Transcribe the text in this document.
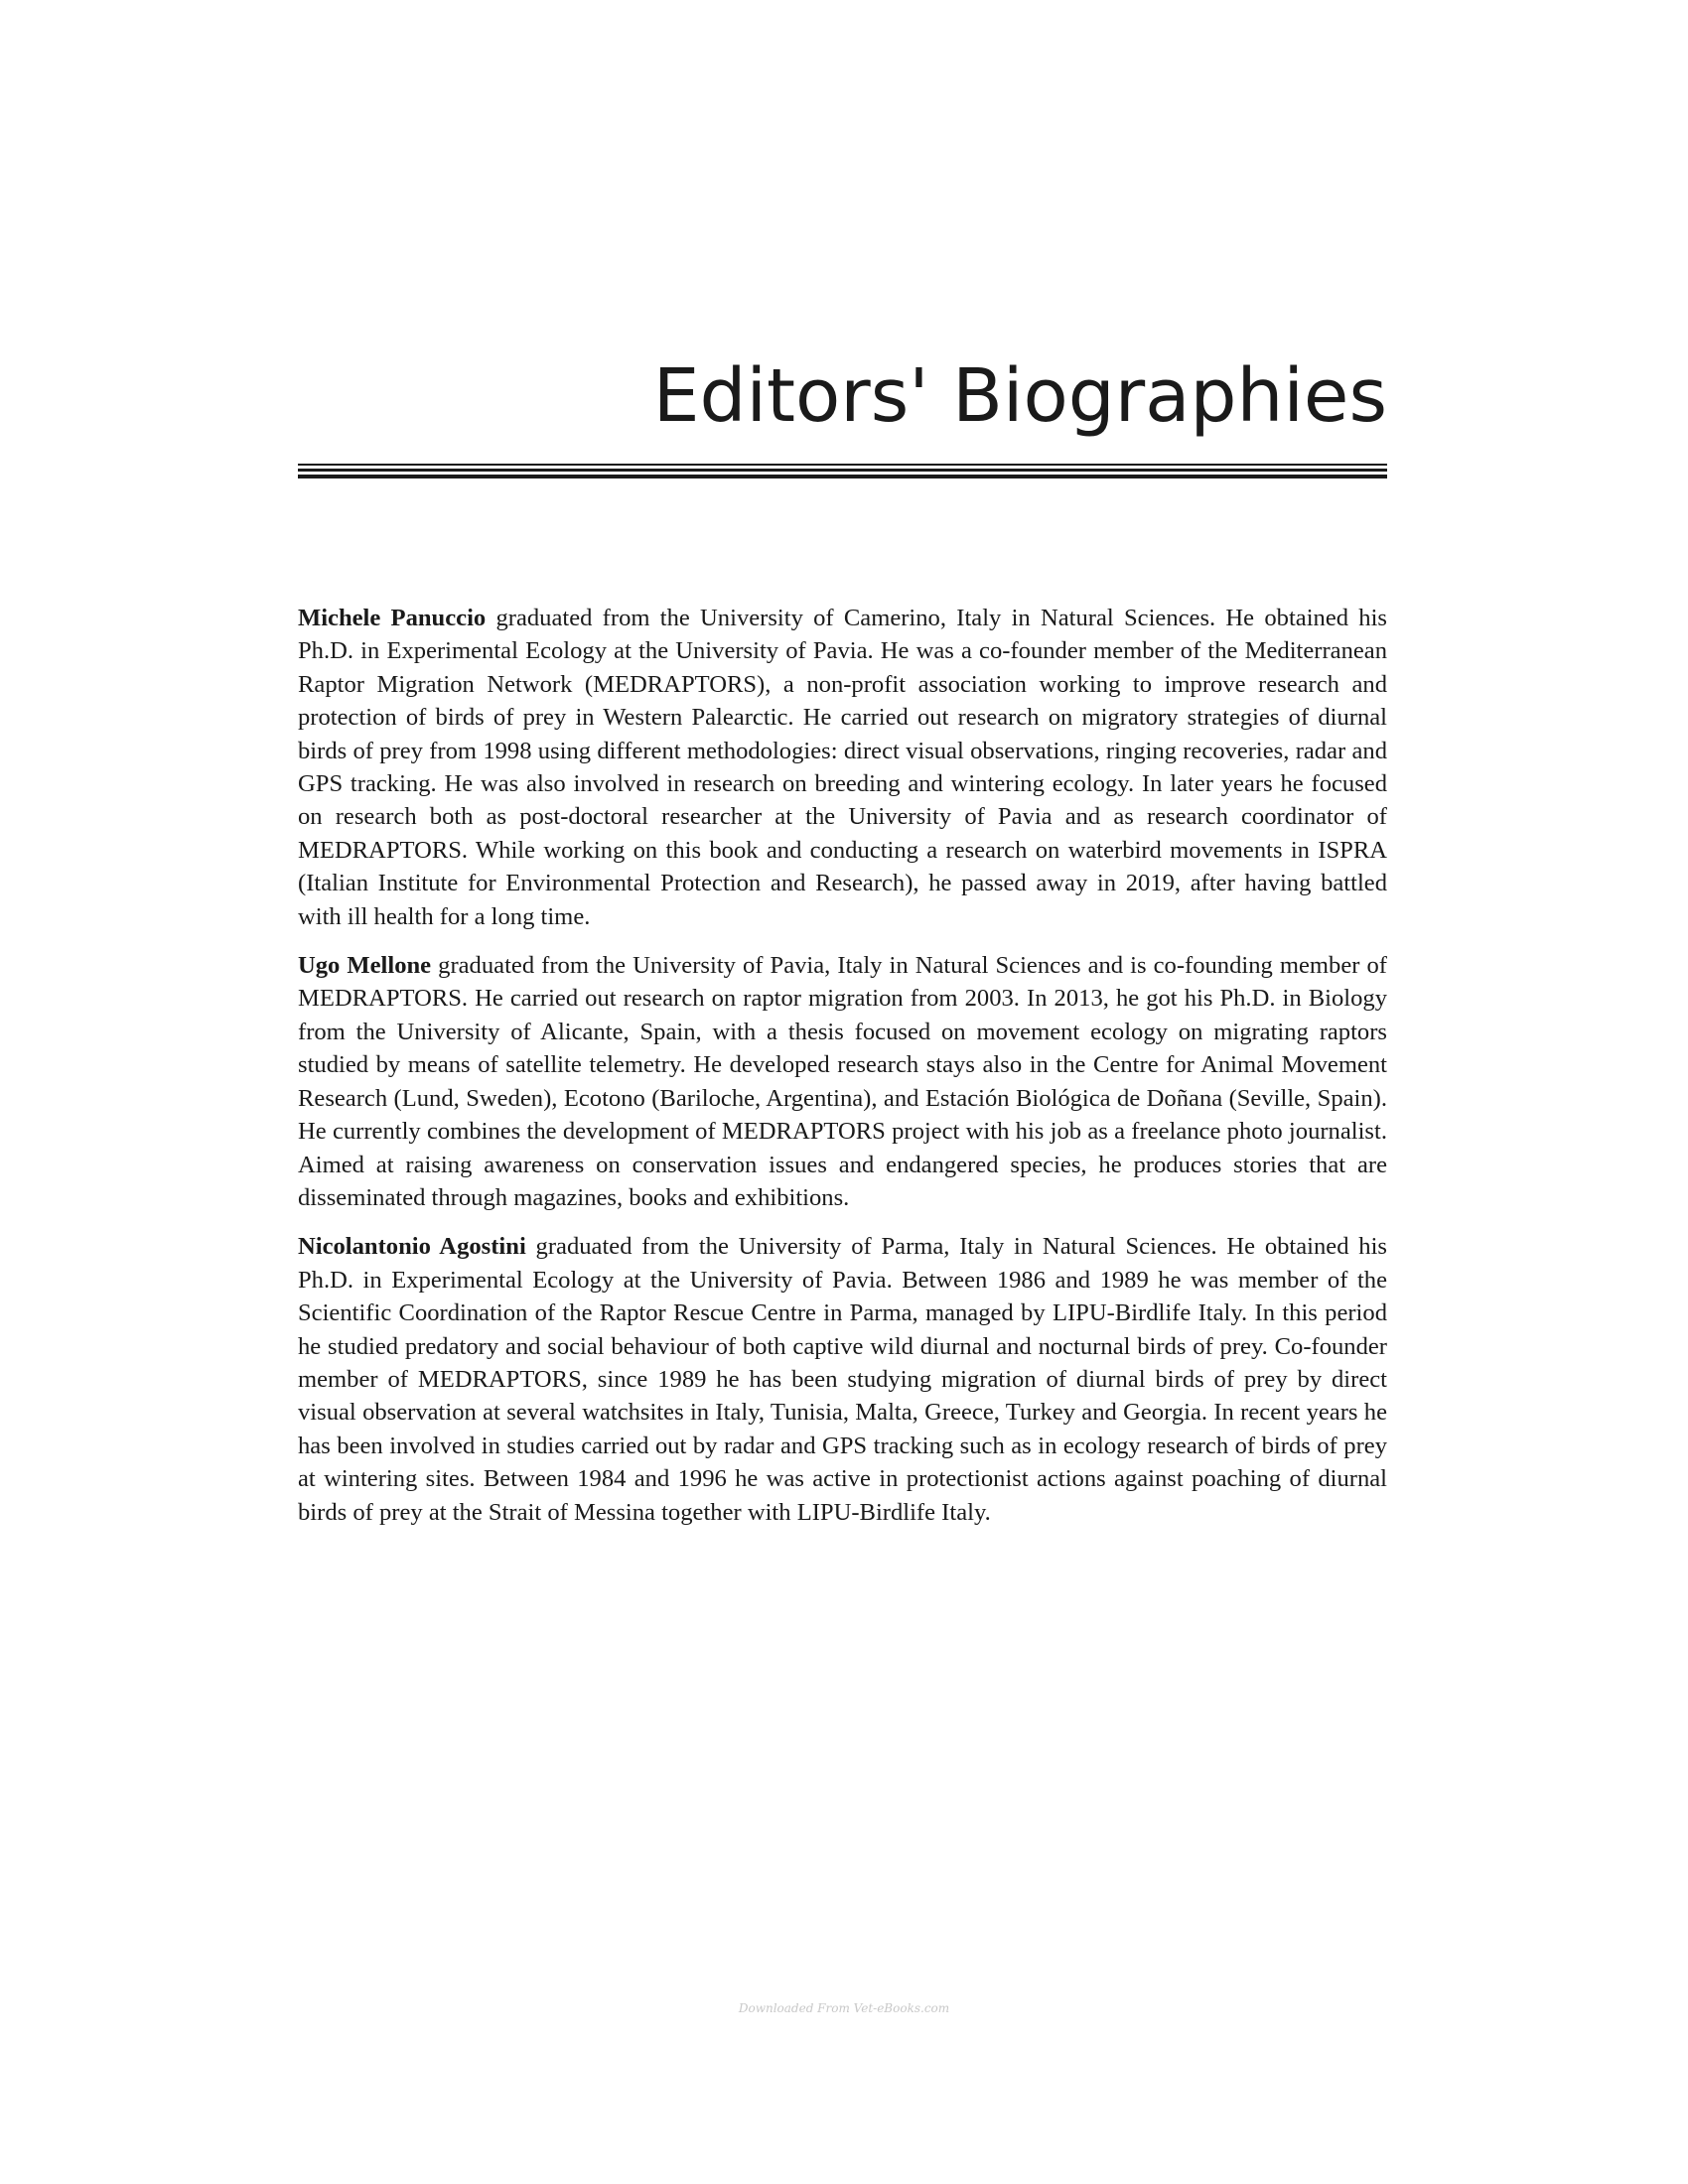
Editors' Biographies

Michele Panuccio graduated from the University of Camerino, Italy in Natural Sciences. He obtained his Ph.D. in Experimental Ecology at the University of Pavia. He was a co-founder member of the Mediterranean Raptor Migration Network (MEDRAPTORS), a non-profit association working to improve research and protection of birds of prey in Western Palearctic. He carried out research on migratory strategies of diurnal birds of prey from 1998 using different methodologies: direct visual observations, ringing recoveries, radar and GPS tracking. He was also involved in research on breeding and wintering ecology. In later years he focused on research both as post-doctoral researcher at the University of Pavia and as research coordinator of MEDRAPTORS. While working on this book and conducting a research on waterbird movements in ISPRA (Italian Institute for Environmental Protection and Research), he passed away in 2019, after having battled with ill health for a long time.

Ugo Mellone graduated from the University of Pavia, Italy in Natural Sciences and is co-founding member of MEDRAPTORS. He carried out research on raptor migration from 2003. In 2013, he got his Ph.D. in Biology from the University of Alicante, Spain, with a thesis focused on movement ecology on migrating raptors studied by means of satellite telemetry. He developed research stays also in the Centre for Animal Movement Research (Lund, Sweden), Ecotono (Bariloche, Argentina), and Estación Biológica de Doñana (Seville, Spain). He currently combines the development of MEDRAPTORS project with his job as a freelance photo journalist. Aimed at raising awareness on conservation issues and endangered species, he produces stories that are disseminated through magazines, books and exhibitions.

Nicolantonio Agostini graduated from the University of Parma, Italy in Natural Sciences. He obtained his Ph.D. in Experimental Ecology at the University of Pavia. Between 1986 and 1989 he was member of the Scientific Coordination of the Raptor Rescue Centre in Parma, managed by LIPU-Birdlife Italy. In this period he studied predatory and social behaviour of both captive wild diurnal and nocturnal birds of prey. Co-founder member of MEDRAPTORS, since 1989 he has been studying migration of diurnal birds of prey by direct visual observation at several watchsites in Italy, Tunisia, Malta, Greece, Turkey and Georgia. In recent years he has been involved in studies carried out by radar and GPS tracking such as in ecology research of birds of prey at wintering sites. Between 1984 and 1996 he was active in protectionist actions against poaching of diurnal birds of prey at the Strait of Messina together with LIPU-Birdlife Italy.

Downloaded From Vet-eBooks.com
